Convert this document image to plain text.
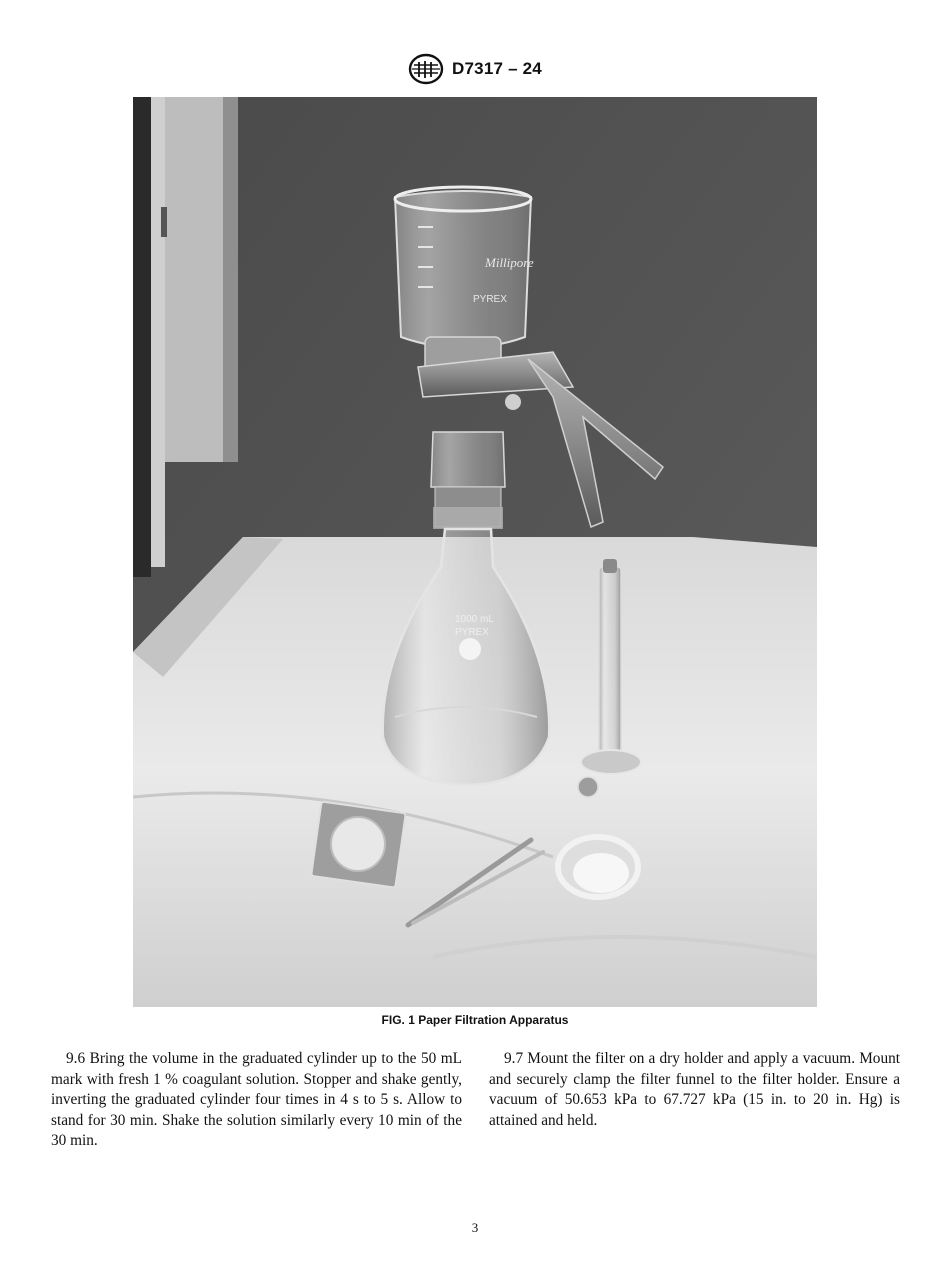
D7317 – 24
Millipore
PYREX
1000 mL
PYREX
FIG. 1 Paper Filtration Apparatus

9.6 Bring the volume in the graduated cylinder up to the 50 mL mark with fresh 1 % coagulant solution. Stopper and shake gently, inverting the graduated cylinder four times in 4 s to 5 s. Allow to stand for 30 min. Shake the solution similarly every 10 min of the 30 min.

9.7 Mount the filter on a dry holder and apply a vacuum. Mount and securely clamp the filter funnel to the filter holder. Ensure a vacuum of 50.653 kPa to 67.727 kPa (15 in. to 20 in. Hg) is attained and held.

3
